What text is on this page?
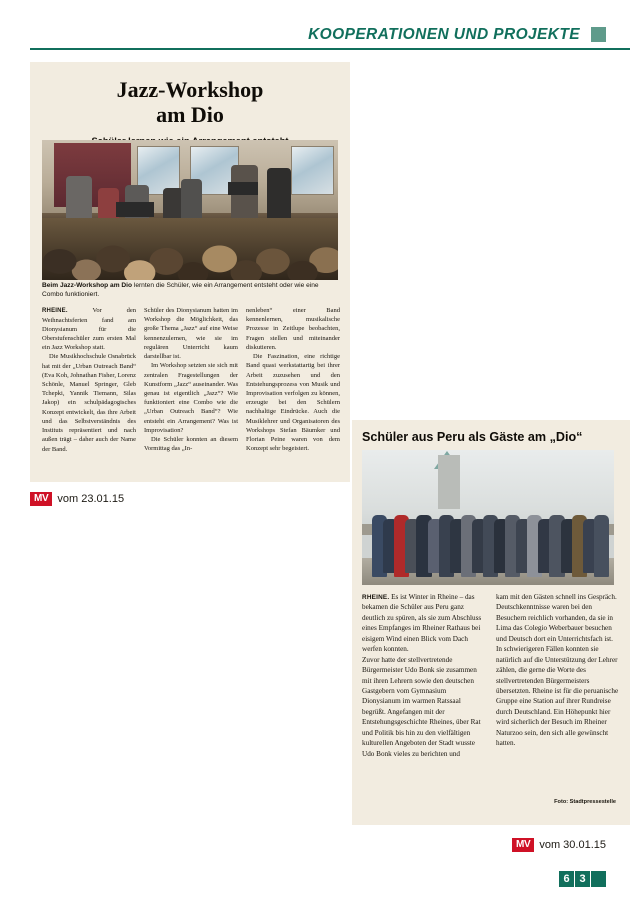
KOOPERATIONEN UND PROJEKTE
Jazz-Workshop
am Dio
Beim Jazz-Workshop am Dio lernten die Schüler, wie ein Arrangement entsteht oder wie eine Combo funktioniert.

RHEINE. Vor den Weihnachtsferien fand am Dionysianum für die Oberstufenschüler zum ersten Mal ein Jazz Workshop statt.

Die Musikhochschule Osnabrück hat mit der „Urban Outreach Band“ (Eva Koh, Johnathan Fisher, Lorenz Schönle, Manuel Springer, Gleb Tchepki, Yannik Tiemann, Silas Jakop) ein schulpädagogisches Konzept entwickelt, das ihre Arbeit und das Selbstverständnis des Instituts repräsentiert und nach außen trägt – daher auch der Name der Band.

Schüler des Dionysianum hatten im Workshop die Möglichkeit, das große Thema „Jazz“ auf eine Weise kennenzulernen, wie sie im regulären Unterricht kaum darstellbar ist.

Im Workshop setzten sie sich mit zentralen Fragestellungen der Kunstform „Jazz“ auseinander. Was genau ist eigentlich „Jazz“? Wie funktioniert eine Combo wie die „Urban Outreach Band“? Wie entsteht ein Arrangement? Was ist Improvisation?

Die Schüler konnten an diesem Vormittag das „In-

nenleben“ einer Band kennenlernen, musikalische Prozesse in Zeitlupe beobachten, Fragen stellen und miteinander diskutieren.

Die Faszination, eine richtige Band quasi werkstattartig bei ihrer Arbeit zuzusehen und den Entstehungsprozess von Musik und Improvisation verfolgen zu können, erzeugte bei den Schülern nachhaltige Eindrücke. Auch die Musiklehrer und Organisatoren des Workshops Stefan Bäumker und Florian Peine waren von dem Konzept sehr begeistert.

MV vom 23.01.15
Schüler aus Peru als Gäste am „Dio“

RHEINE. Es ist Winter in Rheine – das bekamen die Schüler aus Peru ganz deutlich zu spüren, als sie zum Abschluss eines Empfanges im Rheiner Rathaus bei eisigem Wind einen Blick vom Dach werfen konnten.

Zuvor hatte der stellvertretende Bürgermeister Udo Bonk sie zusammen mit ihren Lehrern sowie den deutschen Gastgebern vom Gymnasium Dionysianum im warmen Ratssaal begrüßt. Angefangen mit der Entstehungsgeschichte Rheines, über Rat und Politik bis hin zu den vielfältigen kulturellen Angeboten der Stadt wusste Udo Bonk vieles zu berichten und

kam mit den Gästen schnell ins Gespräch. Deutschkenntnisse waren bei den Besuchern reichlich vorhanden, da sie in Lima das Colegio Weberbauer besuchen und Deutsch dort ein Unterrichtsfach ist. In schwierigeren Fällen konnten sie natürlich auf die Unterstützung der Lehrer zählen, die gerne die Worte des stellvertretenden Bürgermeisters übersetzten. Rheine ist für die peruanische Gruppe eine Station auf ihrer Rundreise durch Deutschland. Ein Höhepunkt hier wird sicherlich der Besuch im Rheiner Naturzoo sein, den sich alle gewünscht hatten.

Foto: Stadtpressestelle
MV vom 30.01.15
6 3
